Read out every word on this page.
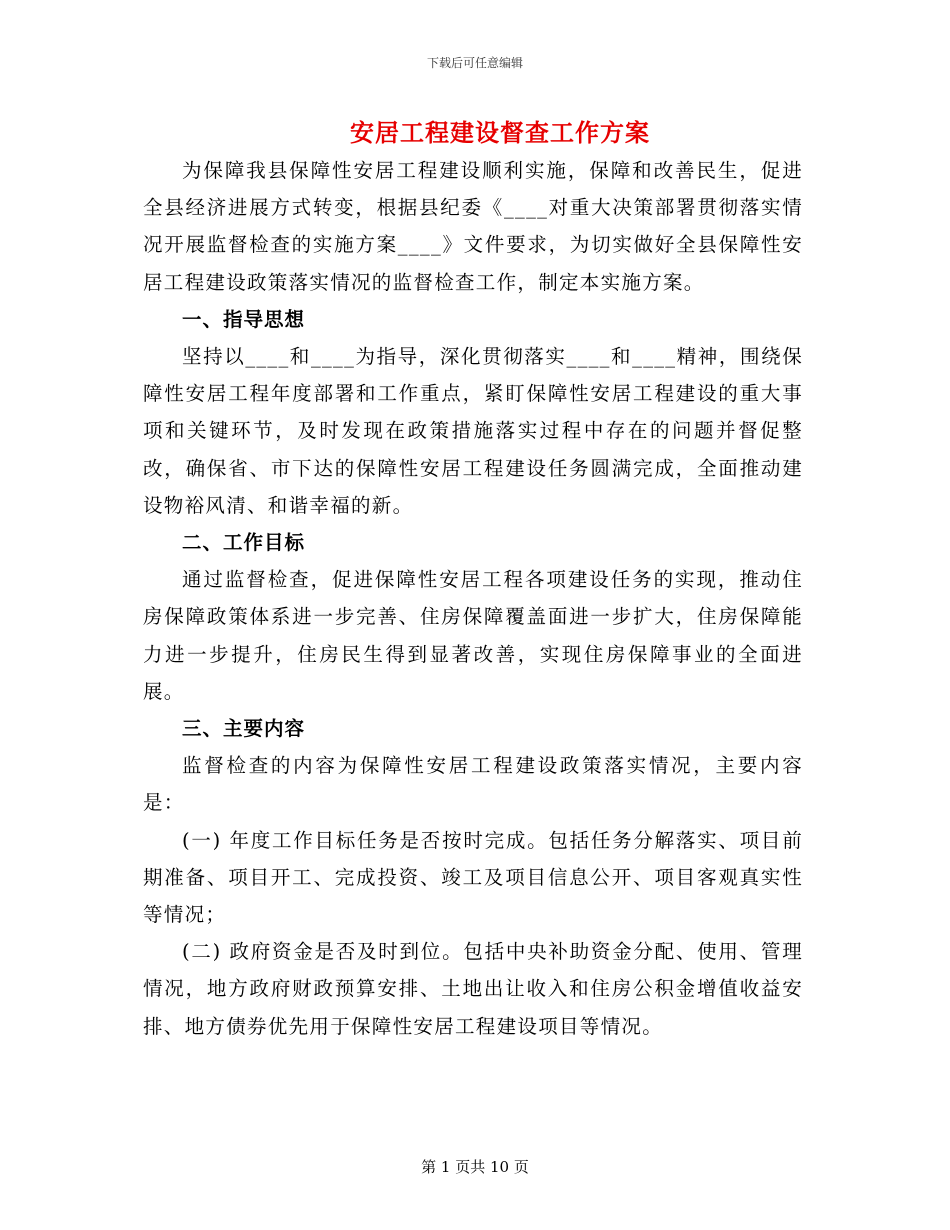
下载后可任意编辑
安居工程建设督查工作方案

为保障我县保障性安居工程建设顺利实施，保障和改善民生，促进全县经济进展方式转变，根据县纪委《____对重大决策部署贯彻落实情况开展监督检查的实施方案____》文件要求，为切实做好全县保障性安居工程建设政策落实情况的监督检查工作，制定本实施方案。

一、指导思想

坚持以____和____为指导，深化贯彻落实____和____精神，围绕保障性安居工程年度部署和工作重点，紧盯保障性安居工程建设的重大事项和关键环节，及时发现在政策措施落实过程中存在的问题并督促整改，确保省、市下达的保障性安居工程建设任务圆满完成，全面推动建设物裕风清、和谐幸福的新。

二、工作目标

通过监督检查，促进保障性安居工程各项建设任务的实现，推动住房保障政策体系进一步完善、住房保障覆盖面进一步扩大，住房保障能力进一步提升，住房民生得到显著改善，实现住房保障事业的全面进展。

三、主要内容

监督检查的内容为保障性安居工程建设政策落实情况，主要内容是：

(一) 年度工作目标任务是否按时完成。包括任务分解落实、项目前期准备、项目开工、完成投资、竣工及项目信息公开、项目客观真实性等情况；

(二) 政府资金是否及时到位。包括中央补助资金分配、使用、管理情况，地方政府财政预算安排、土地出让收入和住房公积金增值收益安排、地方债券优先用于保障性安居工程建设项目等情况。

第 1 页共 10 页
